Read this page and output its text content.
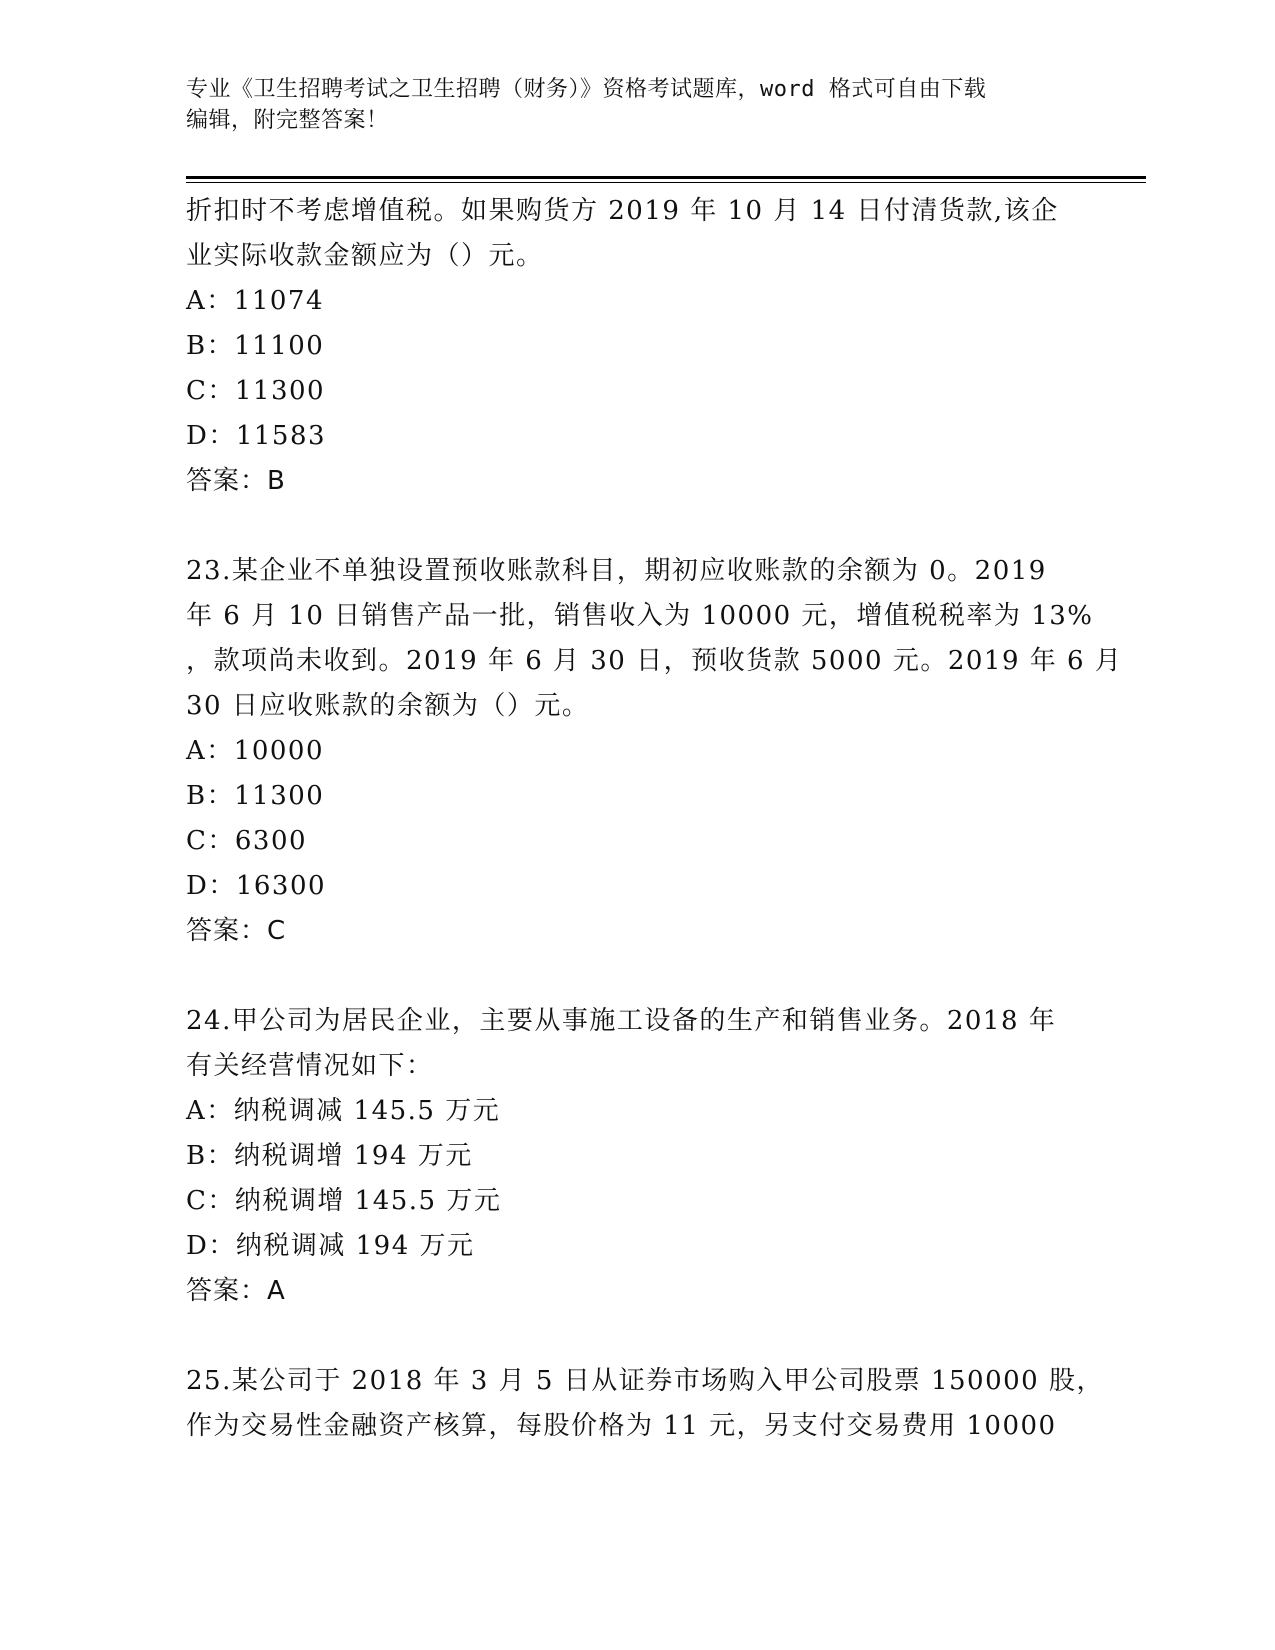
专业《卫生招聘考试之卫生招聘（财务）》资格考试题库，word 格式可自由下载
编辑，附完整答案！
折扣时不考虑增值税。如果购货方 2019 年 10 月 14 日付清货款,该企
业实际收款金额应为（）元。
A：11074
B：11100
C：11300
D：11583
答案：B
23.某企业不单独设置预收账款科目，期初应收账款的余额为 0。2019
年 6 月 10 日销售产品一批，销售收入为 10000 元，增值税税率为 13%
，款项尚未收到。2019 年 6 月 30 日，预收货款 5000 元。2019 年 6 月
30 日应收账款的余额为（）元。
A：10000
B：11300
C：6300
D：16300
答案：C
24.甲公司为居民企业，主要从事施工设备的生产和销售业务。2018 年
有关经营情况如下：
A：纳税调减 145.5 万元
B：纳税调增 194 万元
C：纳税调增 145.5 万元
D：纳税调减 194 万元
答案：A
25.某公司于 2018 年 3 月 5 日从证券市场购入甲公司股票 150000 股，
作为交易性金融资产核算，每股价格为 11 元，另支付交易费用 10000
